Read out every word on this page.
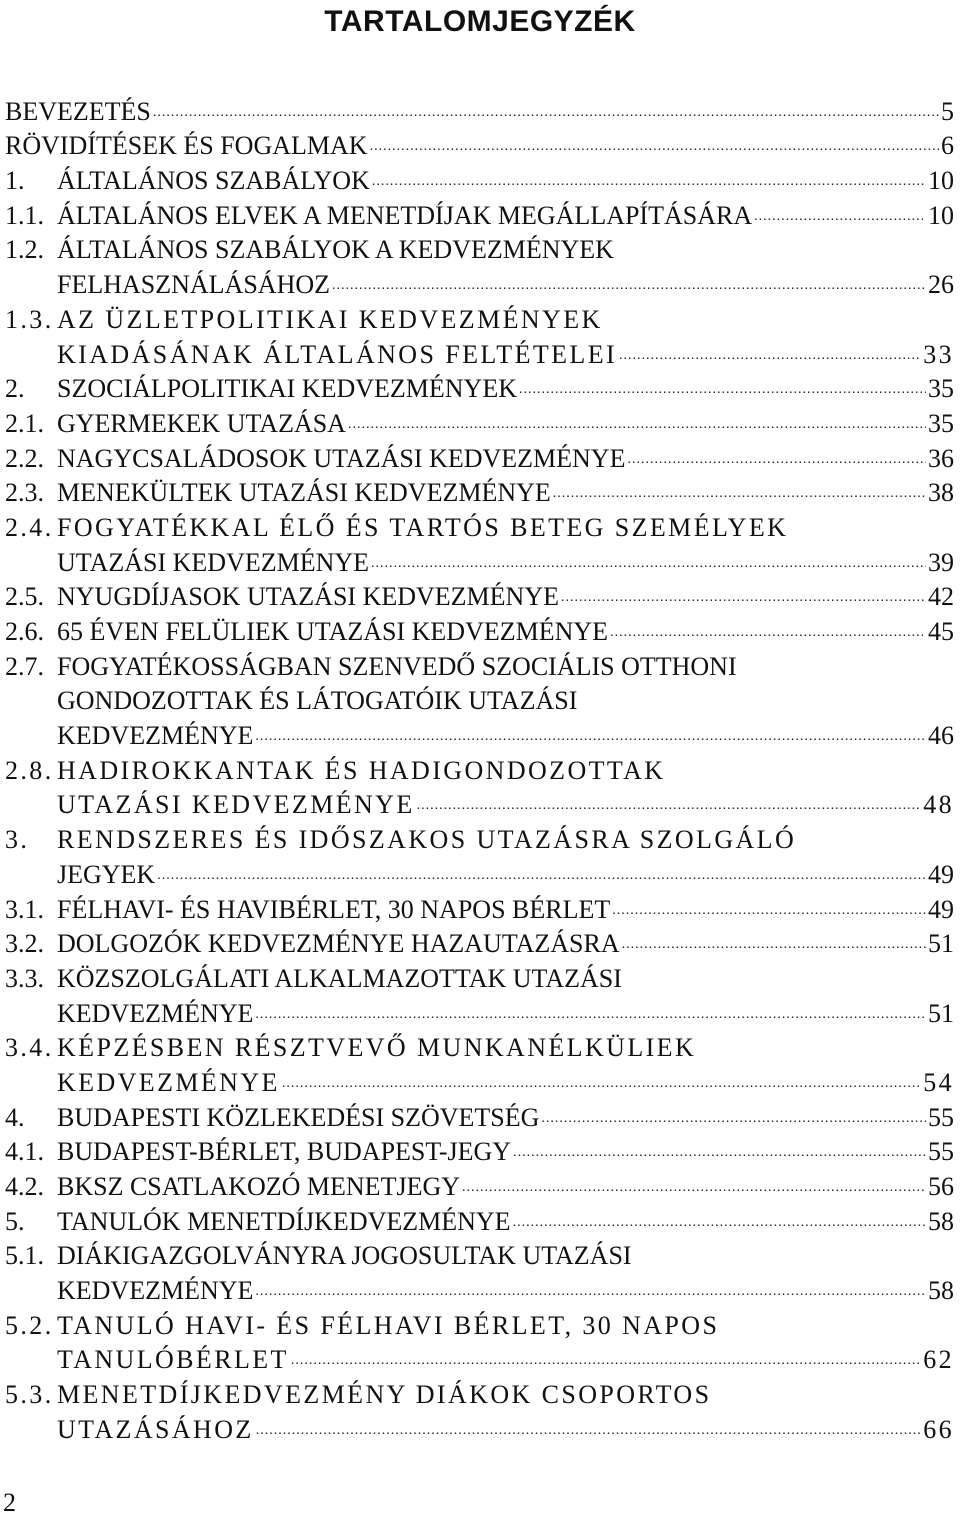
TARTALOMJEGYZÉK
BEVEZETÉS .....	5
RÖVIDÍTÉSEK ÉS FOGALMAK .....	6
1.	ÁLTALÁNOS SZABÁLYOK .....	10
1.1. ÁLTALÁNOS ELVEK A MENETDÍJAK MEGÁLLAPÍTÁSÁRA .....	10
1.2. ÁLTALÁNOS SZABÁLYOK A KEDVEZMÉNYEK
FELHASZNÁLÁSÁHOZ .....	26
1.3. AZ ÜZLETPOLITIKAI KEDVEZMÉNYEK
KIADÁSÁNAK ÁLTALÁNOS FELTÉTELEI .....	33
2.	SZOCIÁLPOLITIKAI KEDVEZMÉNYEK .....	35
2.1. GYERMEKEK UTAZÁSA .....	35
2.2. NAGYCSALÁDOSOK UTAZÁSI KEDVEZMÉNYE .....	36
2.3. MENEKÜLTEK UTAZÁSI KEDVEZMÉNYE .....	38
2.4. FOGYATÉKKAL ÉLŐ ÉS TARTÓS BETEG SZEMÉLYEK
UTAZÁSI KEDVEZMÉNYE .....	39
2.5. NYUGDÍJASOK UTAZÁSI KEDVEZMÉNYE .....	42
2.6. 65 ÉVEN FELÜLIEK UTAZÁSI KEDVEZMÉNYE .....	45
2.7. FOGYATÉKOSSÁGBAN SZENVEDŐ SZOCIÁLIS OTTHONI
GONDOZOTTAK ÉS LÁTOGATÓIK UTAZÁSI
KEDVEZMÉNYE .....	46
2.8. HADIROKKANTAK ÉS HADIGONDOZOTTAK
UTAZÁSI KEDVEZMÉNYE .....	48
3.	RENDSZERES ÉS IDŐSZAKOS UTAZÁSRA SZOLGÁLÓ
JEGYEK .....	49
3.1. FÉLHAVI- ÉS HAVIBÉRLET, 30 NAPOS BÉRLET .....	49
3.2. DOLGOZÓK KEDVEZMÉNYE HAZAUTAZÁSRA .....	51
3.3. KÖZSZOLGÁLATI ALKALMAZOTTAK UTAZÁSI
KEDVEZMÉNYE .....	51
3.4. KÉPZÉSBEN RÉSZTVEVŐ MUNKANÉLKÜLIEK
KEDVEZMÉNYE .....	54
4.	BUDAPESTI KÖZLEKEDÉSI SZÖVETSÉG .....	55
4.1. BUDAPEST-BÉRLET, BUDAPEST-JEGY .....	55
4.2. BKSZ CSATLAKOZÓ MENETJEGY .....	56
5.	TANULÓK MENETDÍJKEDVEZMÉNYE .....	58
5.1. DIÁKIGAZGOLVÁNYRA JOGOSULTAK UTAZÁSI
KEDVEZMÉNYE .....	58
5.2. TANULÓ HAVI- ÉS FÉLHAVI BÉRLET, 30 NAPOS
TANULÓBÉRLET .....	62
5.3. MENETDÍJKEDVEZMÉNY DIÁKOK CSOPORTOS
UTAZÁSÁHOZ .....	66
2
